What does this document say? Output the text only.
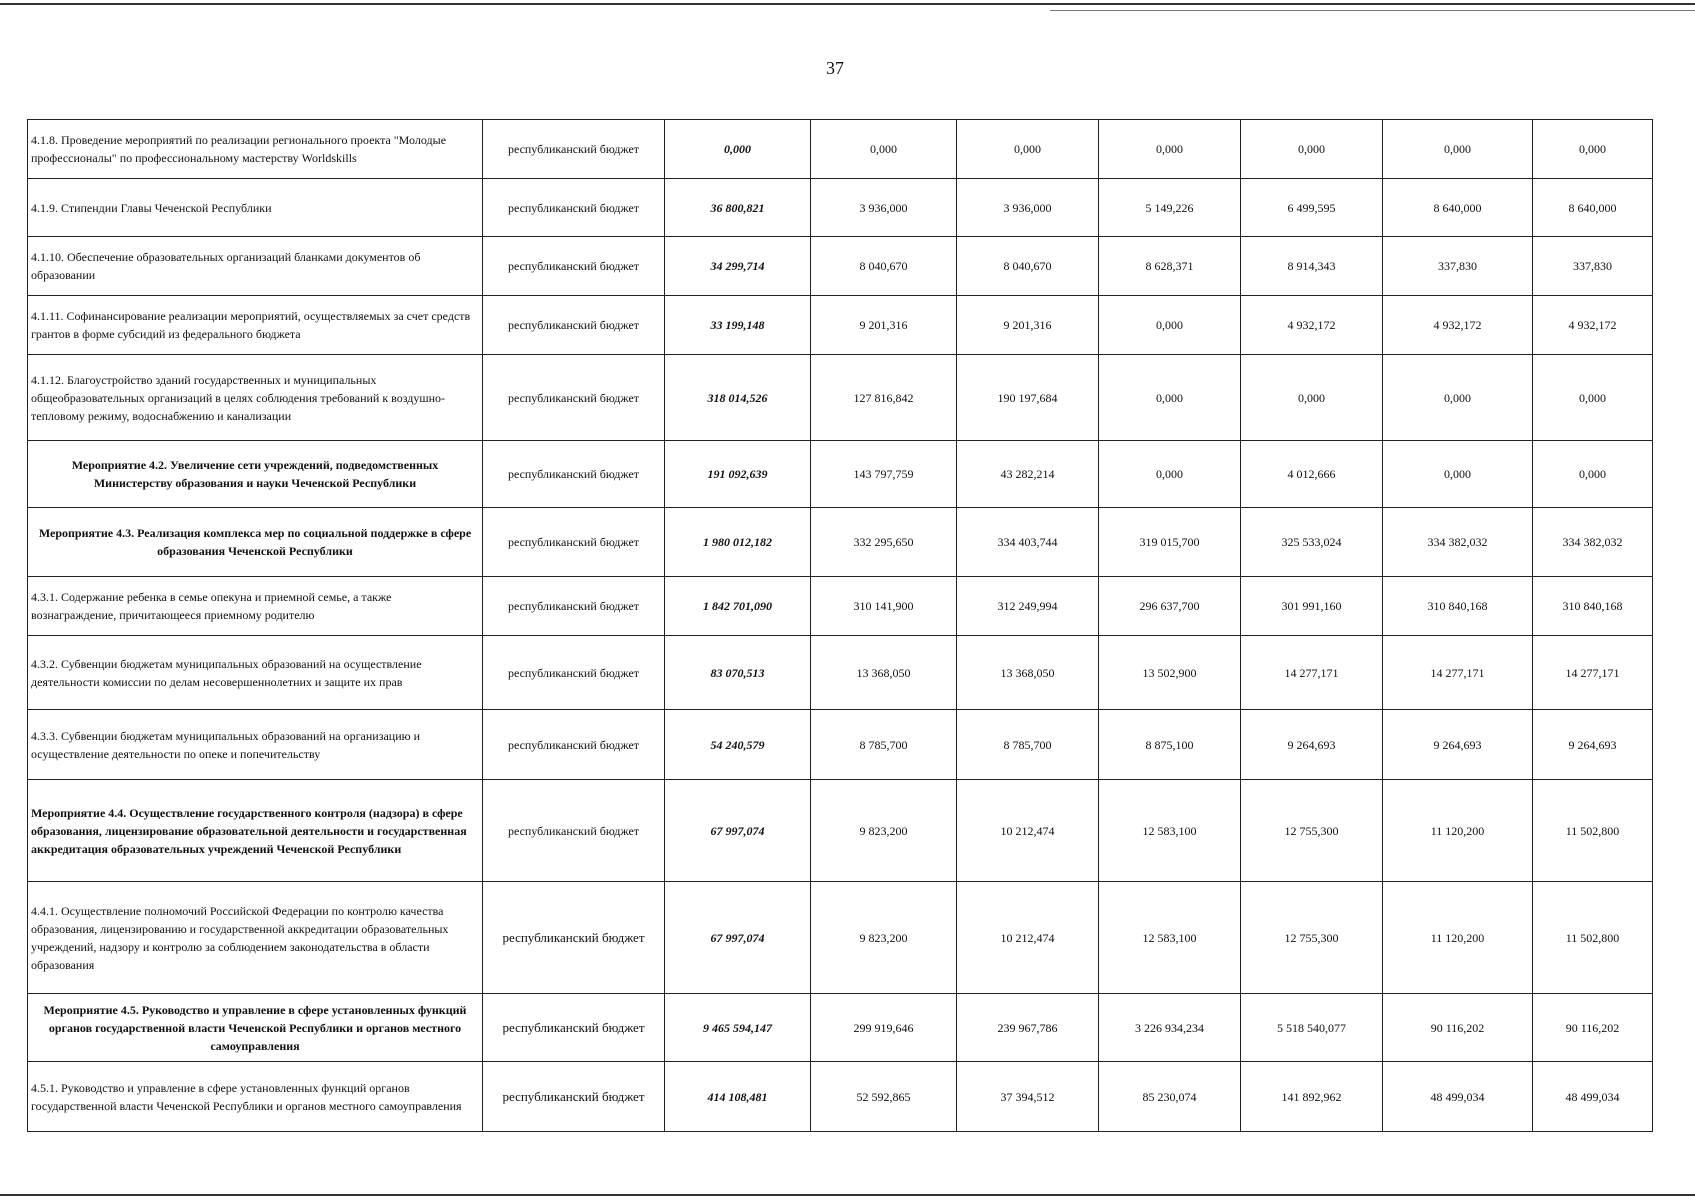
37
4.1.8. Проведение мероприятий по реализации регионального проекта "Молодые профессионалы" по профессиональному мастерству Worldskills	республиканский бюджет	0,000	0,000	0,000	0,000	0,000	0,000	0,000
4.1.9. Стипендии Главы Чеченской Республики	республиканский бюджет	36 800,821	3 936,000	3 936,000	5 149,226	6 499,595	8 640,000	8 640,000
4.1.10. Обеспечение образовательных организаций бланками документов об образовании	республиканский бюджет	34 299,714	8 040,670	8 040,670	8 628,371	8 914,343	337,830	337,830
4.1.11. Софинансирование реализации мероприятий, осуществляемых за счет средств грантов в форме субсидий из федерального бюджета	республиканский бюджет	33 199,148	9 201,316	9 201,316	0,000	4 932,172	4 932,172	4 932,172
4.1.12. Благоустройство зданий государственных и муниципальных общеобразовательных организаций в целях соблюдения требований к воздушно-тепловому режиму, водоснабжению и канализации	республиканский бюджет	318 014,526	127 816,842	190 197,684	0,000	0,000	0,000	0,000
Мероприятие 4.2. Увеличение сети учреждений, подведомственных Министерству образования и науки Чеченской Республики	республиканский бюджет	191 092,639	143 797,759	43 282,214	0,000	4 012,666	0,000	0,000
Мероприятие 4.3. Реализация комплекса мер по социальной поддержке в сфере образования Чеченской Республики	республиканский бюджет	1 980 012,182	332 295,650	334 403,744	319 015,700	325 533,024	334 382,032	334 382,032
4.3.1. Содержание ребенка в семье опекуна и приемной семье, а также вознаграждение, причитающееся приемному родителю	республиканский бюджет	1 842 701,090	310 141,900	312 249,994	296 637,700	301 991,160	310 840,168	310 840,168
4.3.2. Субвенции бюджетам муниципальных образований на осуществление деятельности комиссии по делам несовершеннолетних и защите их прав	республиканский бюджет	83 070,513	13 368,050	13 368,050	13 502,900	14 277,171	14 277,171	14 277,171
4.3.3. Субвенции бюджетам муниципальных образований на организацию и осуществление деятельности по опеке и попечительству	республиканский бюджет	54 240,579	8 785,700	8 785,700	8 875,100	9 264,693	9 264,693	9 264,693
Мероприятие 4.4. Осуществление государственного контроля (надзора) в сфере образования, лицензирование образовательной деятельности и государственная аккредитация образовательных учреждений Чеченской Республики	республиканский бюджет	67 997,074	9 823,200	10 212,474	12 583,100	12 755,300	11 120,200	11 502,800
4.4.1. Осуществление полномочий Российской Федерации по контролю качества образования, лицензированию и государственной аккредитации образовательных учреждений, надзору и контролю за соблюдением законодательства в области образования	республиканский бюджет	67 997,074	9 823,200	10 212,474	12 583,100	12 755,300	11 120,200	11 502,800
Мероприятие 4.5. Руководство и управление в сфере установленных функций органов государственной власти Чеченской Республики и органов местного самоуправления	республиканский бюджет	9 465 594,147	299 919,646	239 967,786	3 226 934,234	5 518 540,077	90 116,202	90 116,202
4.5.1. Руководство и управление в сфере установленных функций органов государственной власти Чеченской Республики и органов местного самоуправления	республиканский бюджет	414 108,481	52 592,865	37 394,512	85 230,074	141 892,962	48 499,034	48 499,034
